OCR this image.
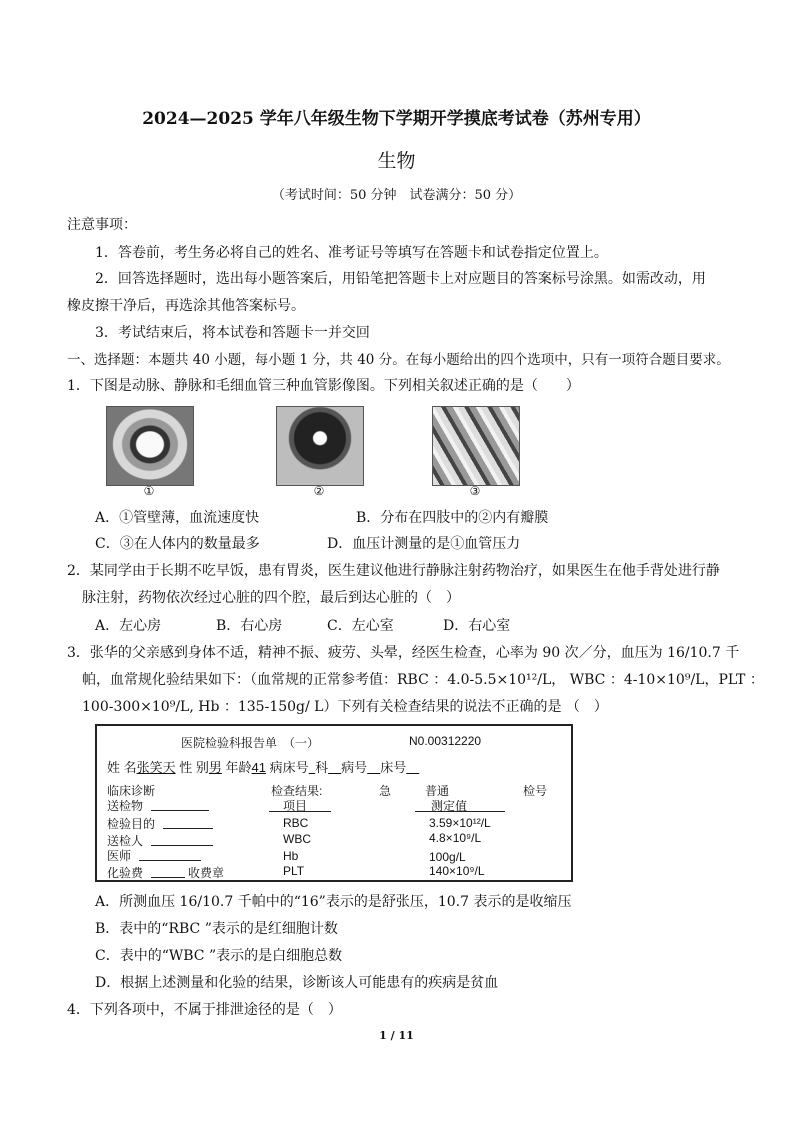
2024—2025 学年八年级生物下学期开学摸底考试卷（苏州专用）
生物
（考试时间：50 分钟　试卷满分：50 分）
注意事项：
1．答卷前，考生务必将自己的姓名、准考证号等填写在答题卡和试卷指定位置上。
2．回答选择题时，选出每小题答案后，用铅笔把答题卡上对应题目的答案标号涂黑。如需改动，用
橡皮擦干净后，再选涂其他答案标号。
3．考试结束后，将本试卷和答题卡一并交回
一、选择题：本题共 40 小题，每小题 1 分，共 40 分。在每小题给出的四个选项中，只有一项符合题目要求。
1．下图是动脉、静脉和毛细血管三种血管影像图。下列相关叙述正确的是（　　）
①	②	③
A．①管壁薄，血流速度快	B．分布在四肢中的②内有瓣膜
C．③在人体内的数量最多	D．血压计测量的是①血管压力
2．某同学由于长期不吃早饭，患有胃炎，医生建议他进行静脉注射药物治疗，如果医生在他手背处进行静
脉注射，药物依次经过心脏的四个腔，最后到达心脏的（　）
A．左心房	B．右心房	C．左心室	D．右心室
3．张华的父亲感到身体不适，精神不振、疲劳、头晕，经医生检查，心率为 90 次／分，血压为 16/10.7 千
帕，血常规化验结果如下：（血常规的正常参考值：RBC ：4.0-5.5×10¹²/L， WBC ：4-10×10⁹/L，PLT ：
100-300×10⁹/L, Hb ：135-150g/ L）下列有关检查结果的说法不正确的是 （　）
医院检验科报告单　（一）	N0.00312220
姓 名张笑天 性 别男 年龄41 病床号  科   病号   床号  
临床诊断
送检物
检验目的
送检人
医师
化验费	收费章
检查结果:	急	普通	检号
项目	测定值
RBC	3.59×10¹²/L
WBC	4.8×10⁹/L
Hb	100g/L
PLT	140×10⁹/L
A．所测血压 16/10.7 千帕中的“16”表示的是舒张压，10.7 表示的是收缩压
B．表中的“RBC ”表示的是红细胞计数
C．表中的“WBC ”表示的是白细胞总数
D．根据上述测量和化验的结果，诊断该人可能患有的疾病是贫血
4．下列各项中，不属于排泄途径的是（　）
1 / 11
